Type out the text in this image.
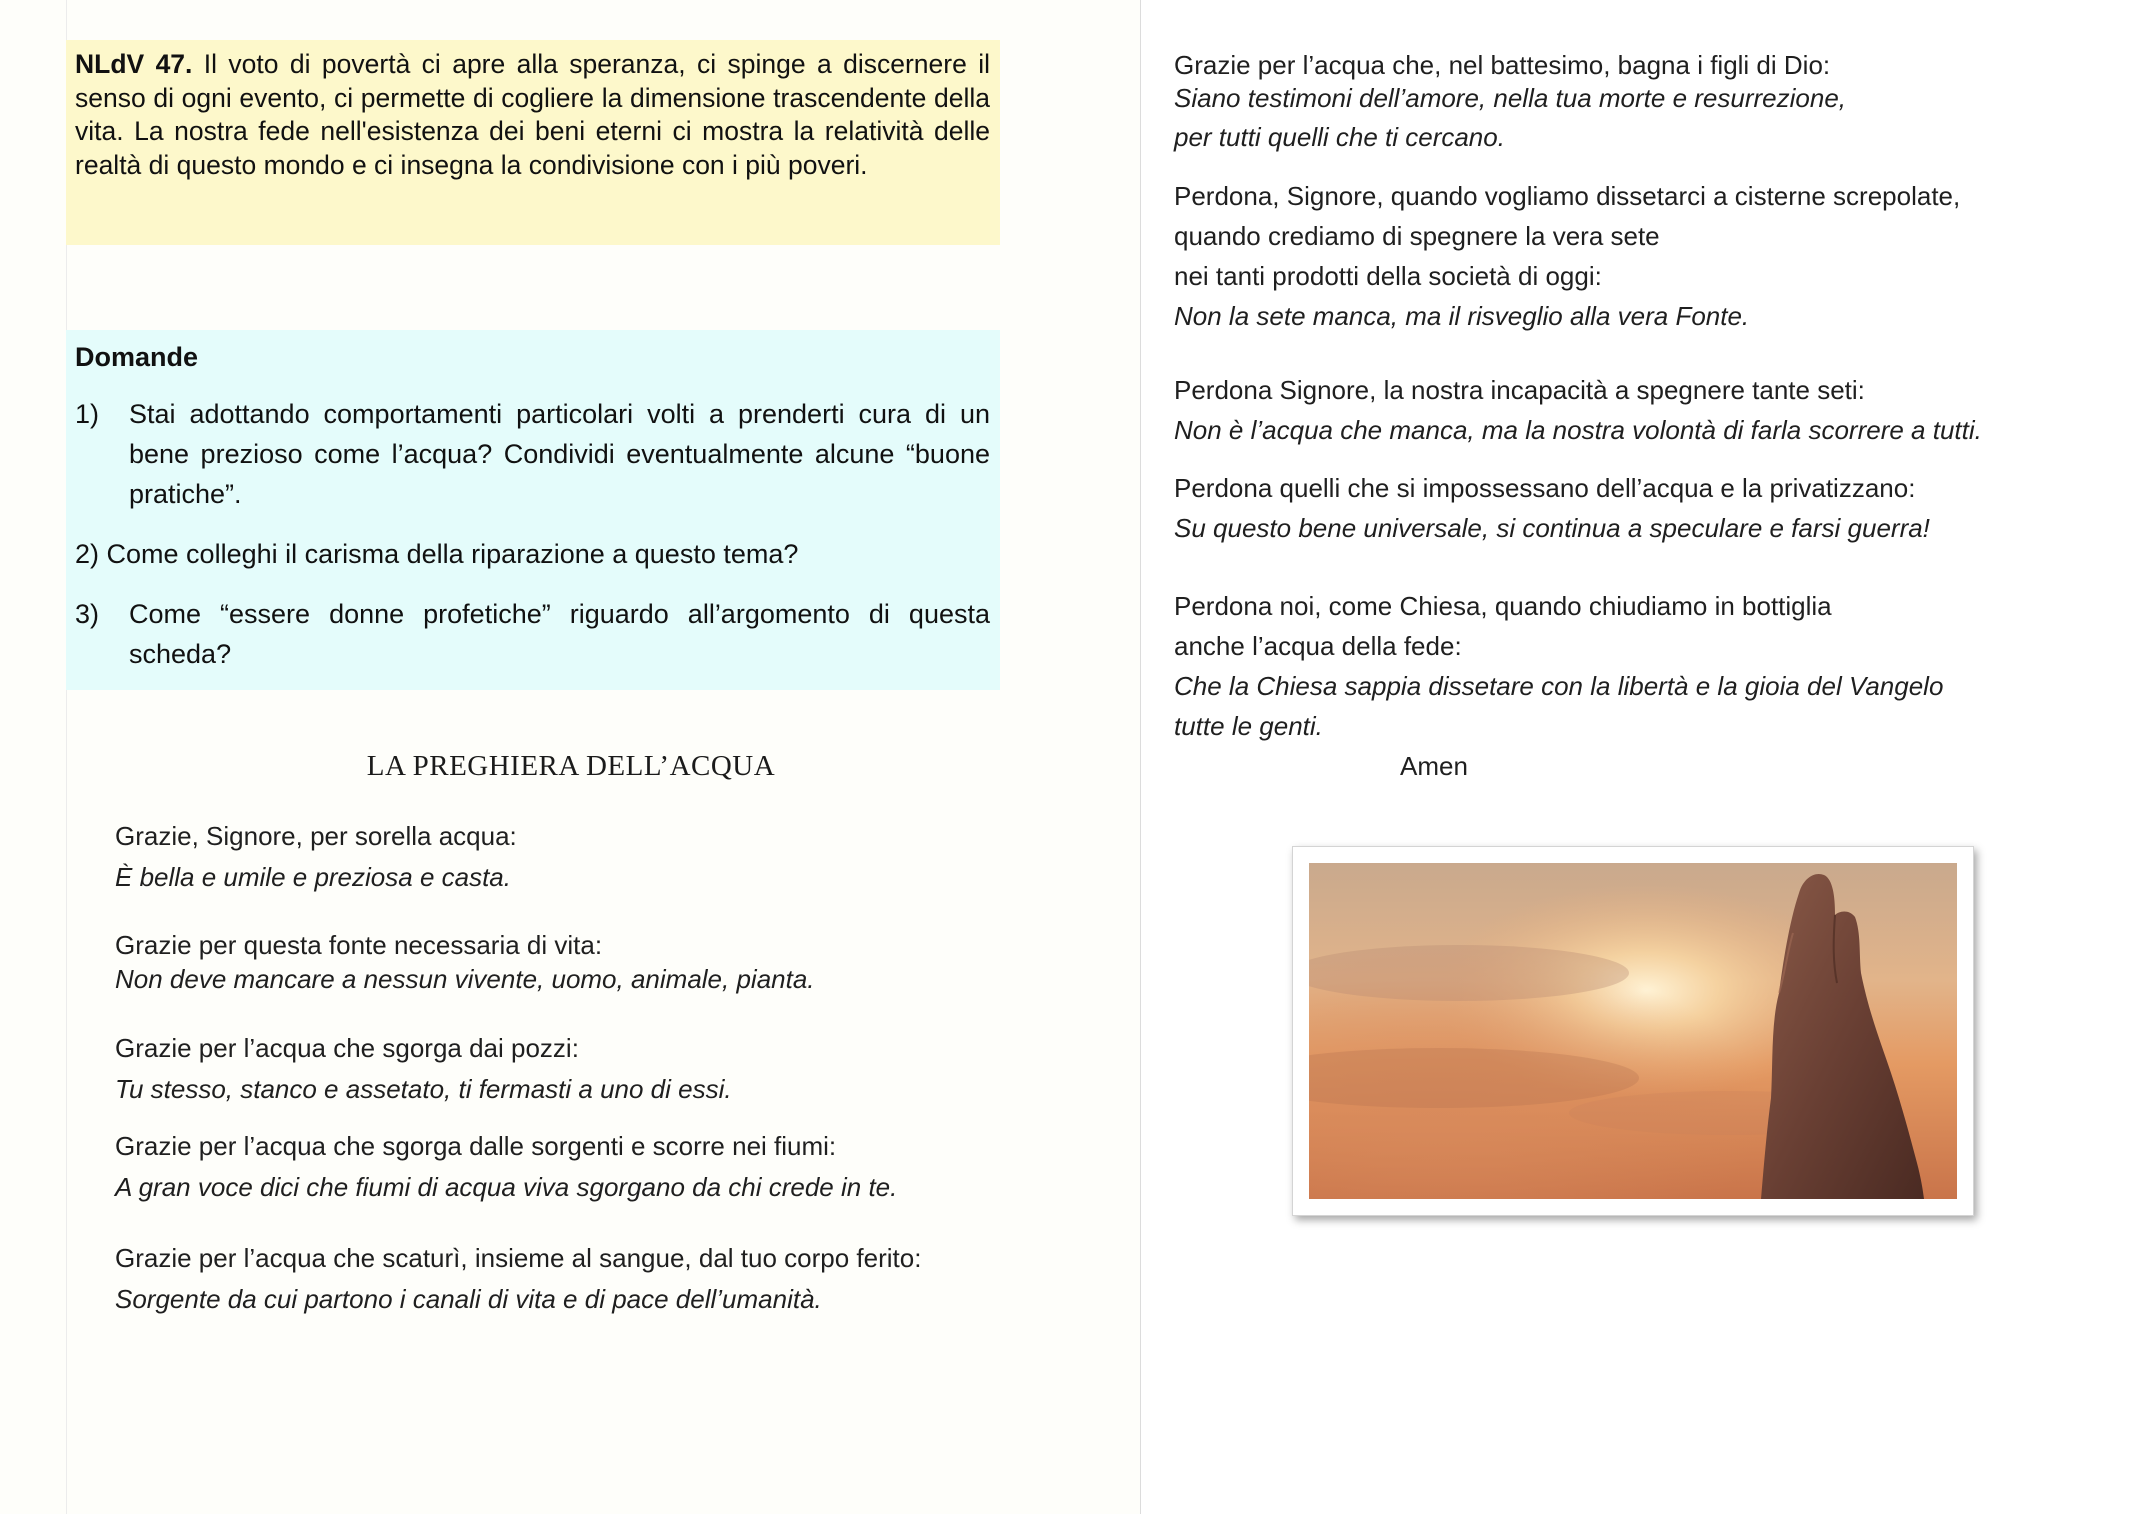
NLdV 47. Il voto di povertà ci apre alla speranza, ci spinge a discernere il senso di ogni evento, ci permette di cogliere la dimensione trascendente della vita. La nostra fede nell'esistenza dei beni eterni ci mostra la relatività delle realtà di questo mondo e ci insegna la condivisione con i più poveri.

Domande

1) Stai adottando comportamenti particolari volti a prenderti cura di un bene prezioso come l’acqua? Condividi eventualmente alcune “buone pratiche”.

2) Come colleghi il carisma della riparazione a questo tema?

3) Come “essere donne profetiche” riguardo all’argomento di questa scheda?

LA PREGHIERA DELL’ACQUA
Grazie, Signore, per sorella acqua:
È bella e umile e preziosa e casta.
Grazie per questa fonte necessaria di vita:
Non deve mancare a nessun vivente, uomo, animale, pianta.
Grazie per l’acqua che sgorga dai pozzi:
Tu stesso, stanco e assetato, ti fermasti a uno di essi.
Grazie per l’acqua che sgorga dalle sorgenti e scorre nei fiumi:
A gran voce dici che fiumi di acqua viva sgorgano da chi crede in te.
Grazie per l’acqua che scaturì, insieme al sangue, dal tuo corpo ferito:
Sorgente da cui partono i canali di vita e di pace dell’umanità.
Grazie per l’acqua che, nel battesimo, bagna i figli di Dio:
Siano testimoni dell’amore, nella tua morte e resurrezione,
per tutti quelli che ti cercano.
Perdona, Signore, quando vogliamo dissetarci a cisterne screpolate,
quando crediamo di spegnere la vera sete
nei tanti prodotti della società di oggi:
Non la sete manca, ma il risveglio alla vera Fonte.
Perdona Signore, la nostra incapacità a spegnere tante seti:
Non è l’acqua che manca, ma la nostra volontà di farla scorrere a tutti.
Perdona quelli che si impossessano dell’acqua e la privatizzano:
Su questo bene universale, si continua a speculare e farsi guerra!
Perdona noi, come Chiesa, quando chiudiamo in bottiglia
anche l’acqua della fede:
Che la Chiesa sappia dissetare con la libertà e la gioia del Vangelo
tutte le genti.
Amen
